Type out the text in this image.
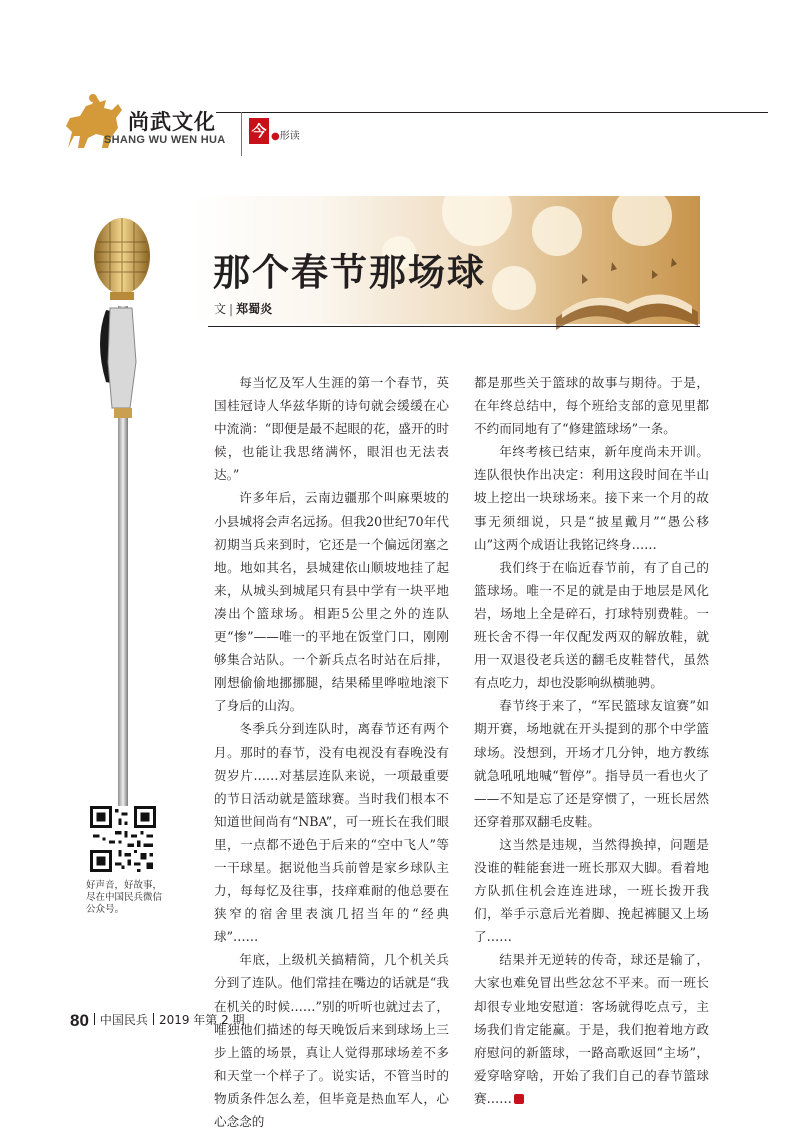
尚武文化
SHANG WU WEN HUA 今 ●形读
那个春节那场球
文 | 郑蜀炎
好声音，好故事，尽在中国民兵微信公众号。

每当忆及军人生涯的第一个春节，英国桂冠诗人华兹华斯的诗句就会缓缓在心中流淌：“即便是最不起眼的花，盛开的时候，也能让我思绪满怀，眼泪也无法表达。”

许多年后，云南边疆那个叫麻栗坡的小县城将会声名远扬。但我20世纪70年代初期当兵来到时，它还是一个偏远闭塞之地。地如其名，县城建依山顺坡地挂了起来，从城头到城尾只有县中学有一块平地凑出个篮球场。相距5公里之外的连队更“惨”——唯一的平地在饭堂门口，刚刚够集合站队。一个新兵点名时站在后排，刚想偷偷地挪挪腿，结果稀里哗啦地滚下了身后的山沟。

冬季兵分到连队时，离春节还有两个月。那时的春节，没有电视没有春晚没有贺岁片……对基层连队来说，一项最重要的节日活动就是篮球赛。当时我们根本不知道世间尚有“NBA”，可一班长在我们眼里，一点都不逊色于后来的“空中飞人”等一干球星。据说他当兵前曾是家乡球队主力，每每忆及往事，技痒难耐的他总要在狭窄的宿舍里表演几招当年的“经典球”……

年底，上级机关搞精简，几个机关兵分到了连队。他们常挂在嘴边的话就是“我在机关的时候……”别的听听也就过去了，唯独他们描述的每天晚饭后来到球场上三步上篮的场景，真让人觉得那球场差不多和天堂一个样子了。说实话，不管当时的物质条件怎么差，但毕竟是热血军人，心心念念的

都是那些关于篮球的故事与期待。于是，在年终总结中，每个班给支部的意见里都不约而同地有了“修建篮球场”一条。

年终考核已结束，新年度尚未开训。连队很快作出决定：利用这段时间在半山坡上挖出一块球场来。接下来一个月的故事无须细说，只是“披星戴月”“愚公移山”这两个成语让我铭记终身……

我们终于在临近春节前，有了自己的篮球场。唯一不足的就是由于地层是风化岩，场地上全是碎石，打球特别费鞋。一班长舍不得一年仅配发两双的解放鞋，就用一双退役老兵送的翻毛皮鞋替代，虽然有点吃力，却也没影响纵横驰骋。

春节终于来了，“军民篮球友谊赛”如期开赛，场地就在开头提到的那个中学篮球场。没想到，开场才几分钟，地方教练就急吼吼地喊“暂停”。指导员一看也火了——不知是忘了还是穿惯了，一班长居然还穿着那双翻毛皮鞋。

这当然是违规，当然得换掉，问题是没谁的鞋能套进一班长那双大脚。看着地方队抓住机会连连进球，一班长拨开我们，举手示意后光着脚、挽起裤腿又上场了……

结果并无逆转的传奇，球还是输了，大家也难免冒出些忿忿不平来。而一班长却很专业地安慰道：客场就得吃点亏，主场我们肯定能赢。于是，我们抱着地方政府慰问的新篮球，一路高歌返回“主场”，爱穿啥穿啥，开始了我们自己的春节篮球赛……

80 中国民兵 2019 年第 2 期
